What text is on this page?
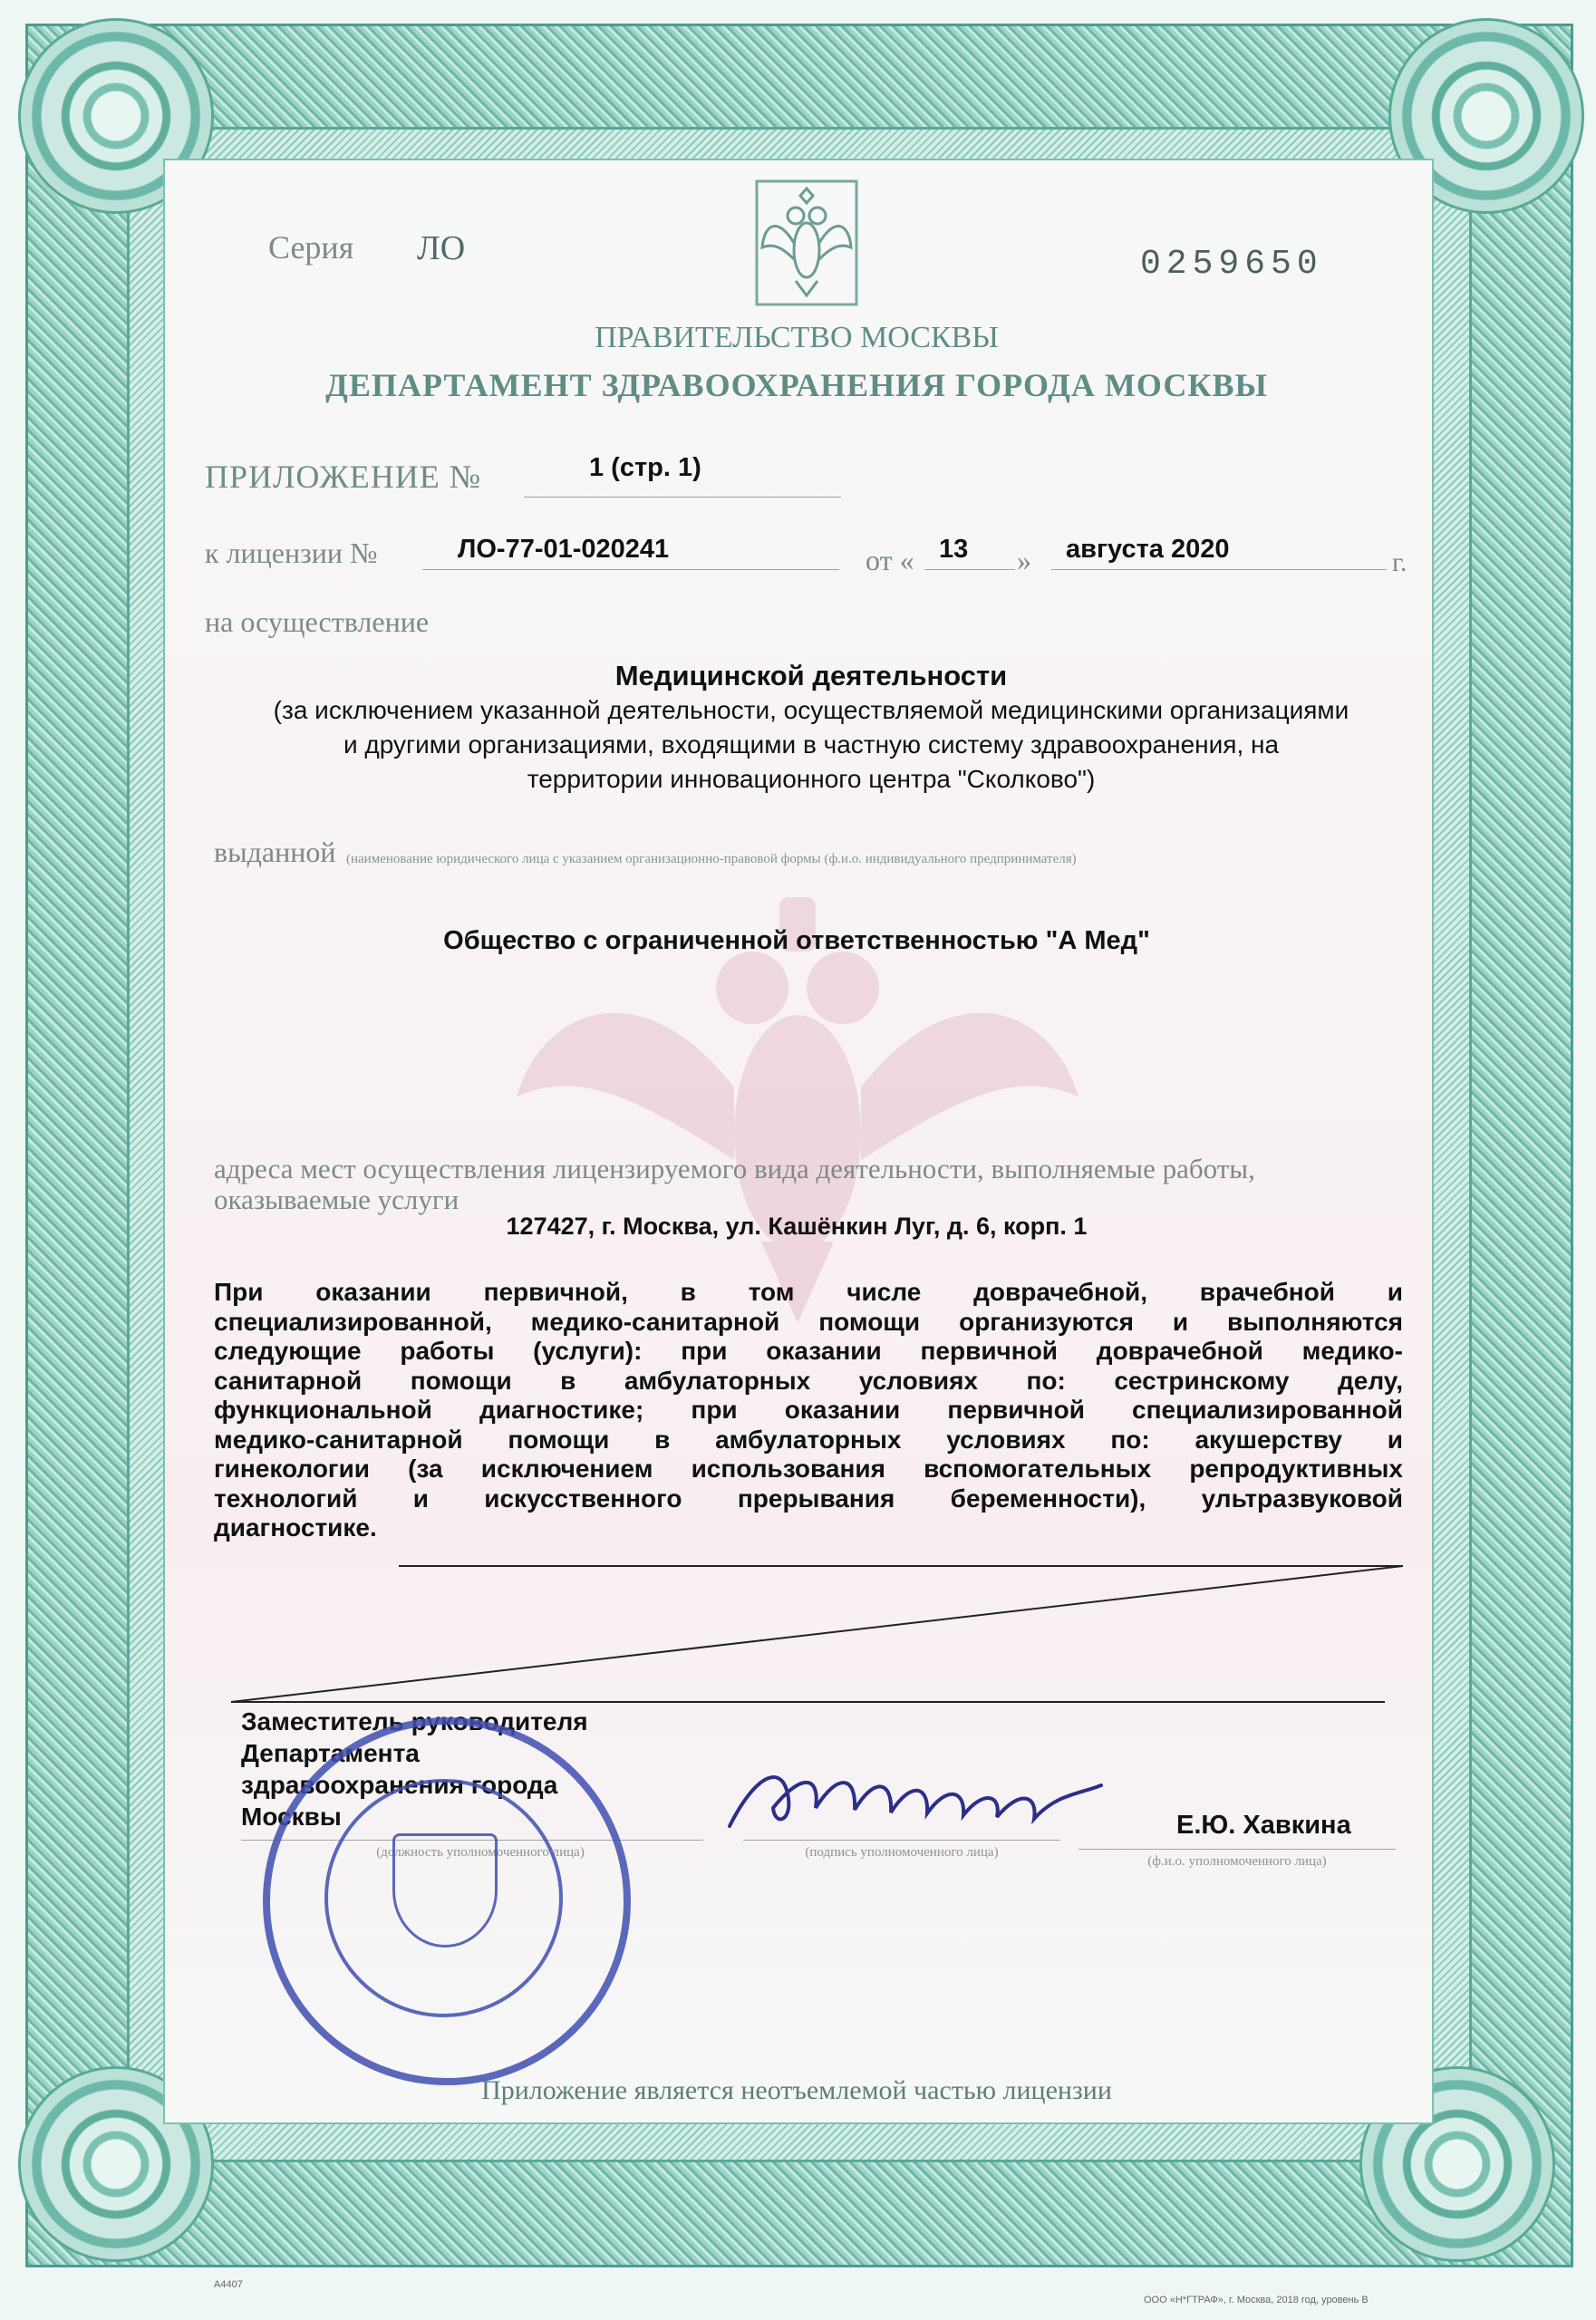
Серия ЛО	0259650
ПРАВИТЕЛЬСТВО МОСКВЫ
ДЕПАРТАМЕНТ ЗДРАВООХРАНЕНИЯ ГОРОДА МОСКВЫ
ПРИЛОЖЕНИЕ №	1 (стр. 1)
к лицензии №	ЛО-77-01-020241	от « 13 » августа 2020	г.
на осуществление
Медицинской деятельности
(за исключением указанной деятельности, осуществляемой медицинскими организациями
и другими организациями, входящими в частную систему здравоохранения, на
территории инновационного центра "Сколково")
выданной (наименование юридического лица с указанием организационно-правовой формы (ф.и.о. индивидуального предпринимателя)
Общество с ограниченной ответственностью "А Мед"
адреса мест осуществления лицензируемого вида деятельности, выполняемые работы,
оказываемые услуги
127427, г. Москва, ул. Кашёнкин Луг, д. 6, корп. 1
При оказании первичной, в том числе доврачебной, врачебной и
специализированной, медико-санитарной помощи организуются и выполняются
следующие работы (услуги): при оказании первичной доврачебной медико-
санитарной помощи в амбулаторных условиях по: сестринскому делу,
функциональной диагностике; при оказании первичной специализированной
медико-санитарной помощи в амбулаторных условиях по: акушерству и
гинекологии (за исключением использования вспомогательных репродуктивных
технологий и искусственного прерывания беременности), ультразвуковой
диагностике.
Заместитель руководителя
Департамента
здравоохранения города
Москвы
(должность уполномоченного лица)	(подпись уполномоченного лица)
Е.Ю. Хавкина
(ф.и.о. уполномоченного лица)
Приложение является неотъемлемой частью лицензии
А4407
ООО «Н*ГТРАФ», г. Москва, 2018 год, уровень В
